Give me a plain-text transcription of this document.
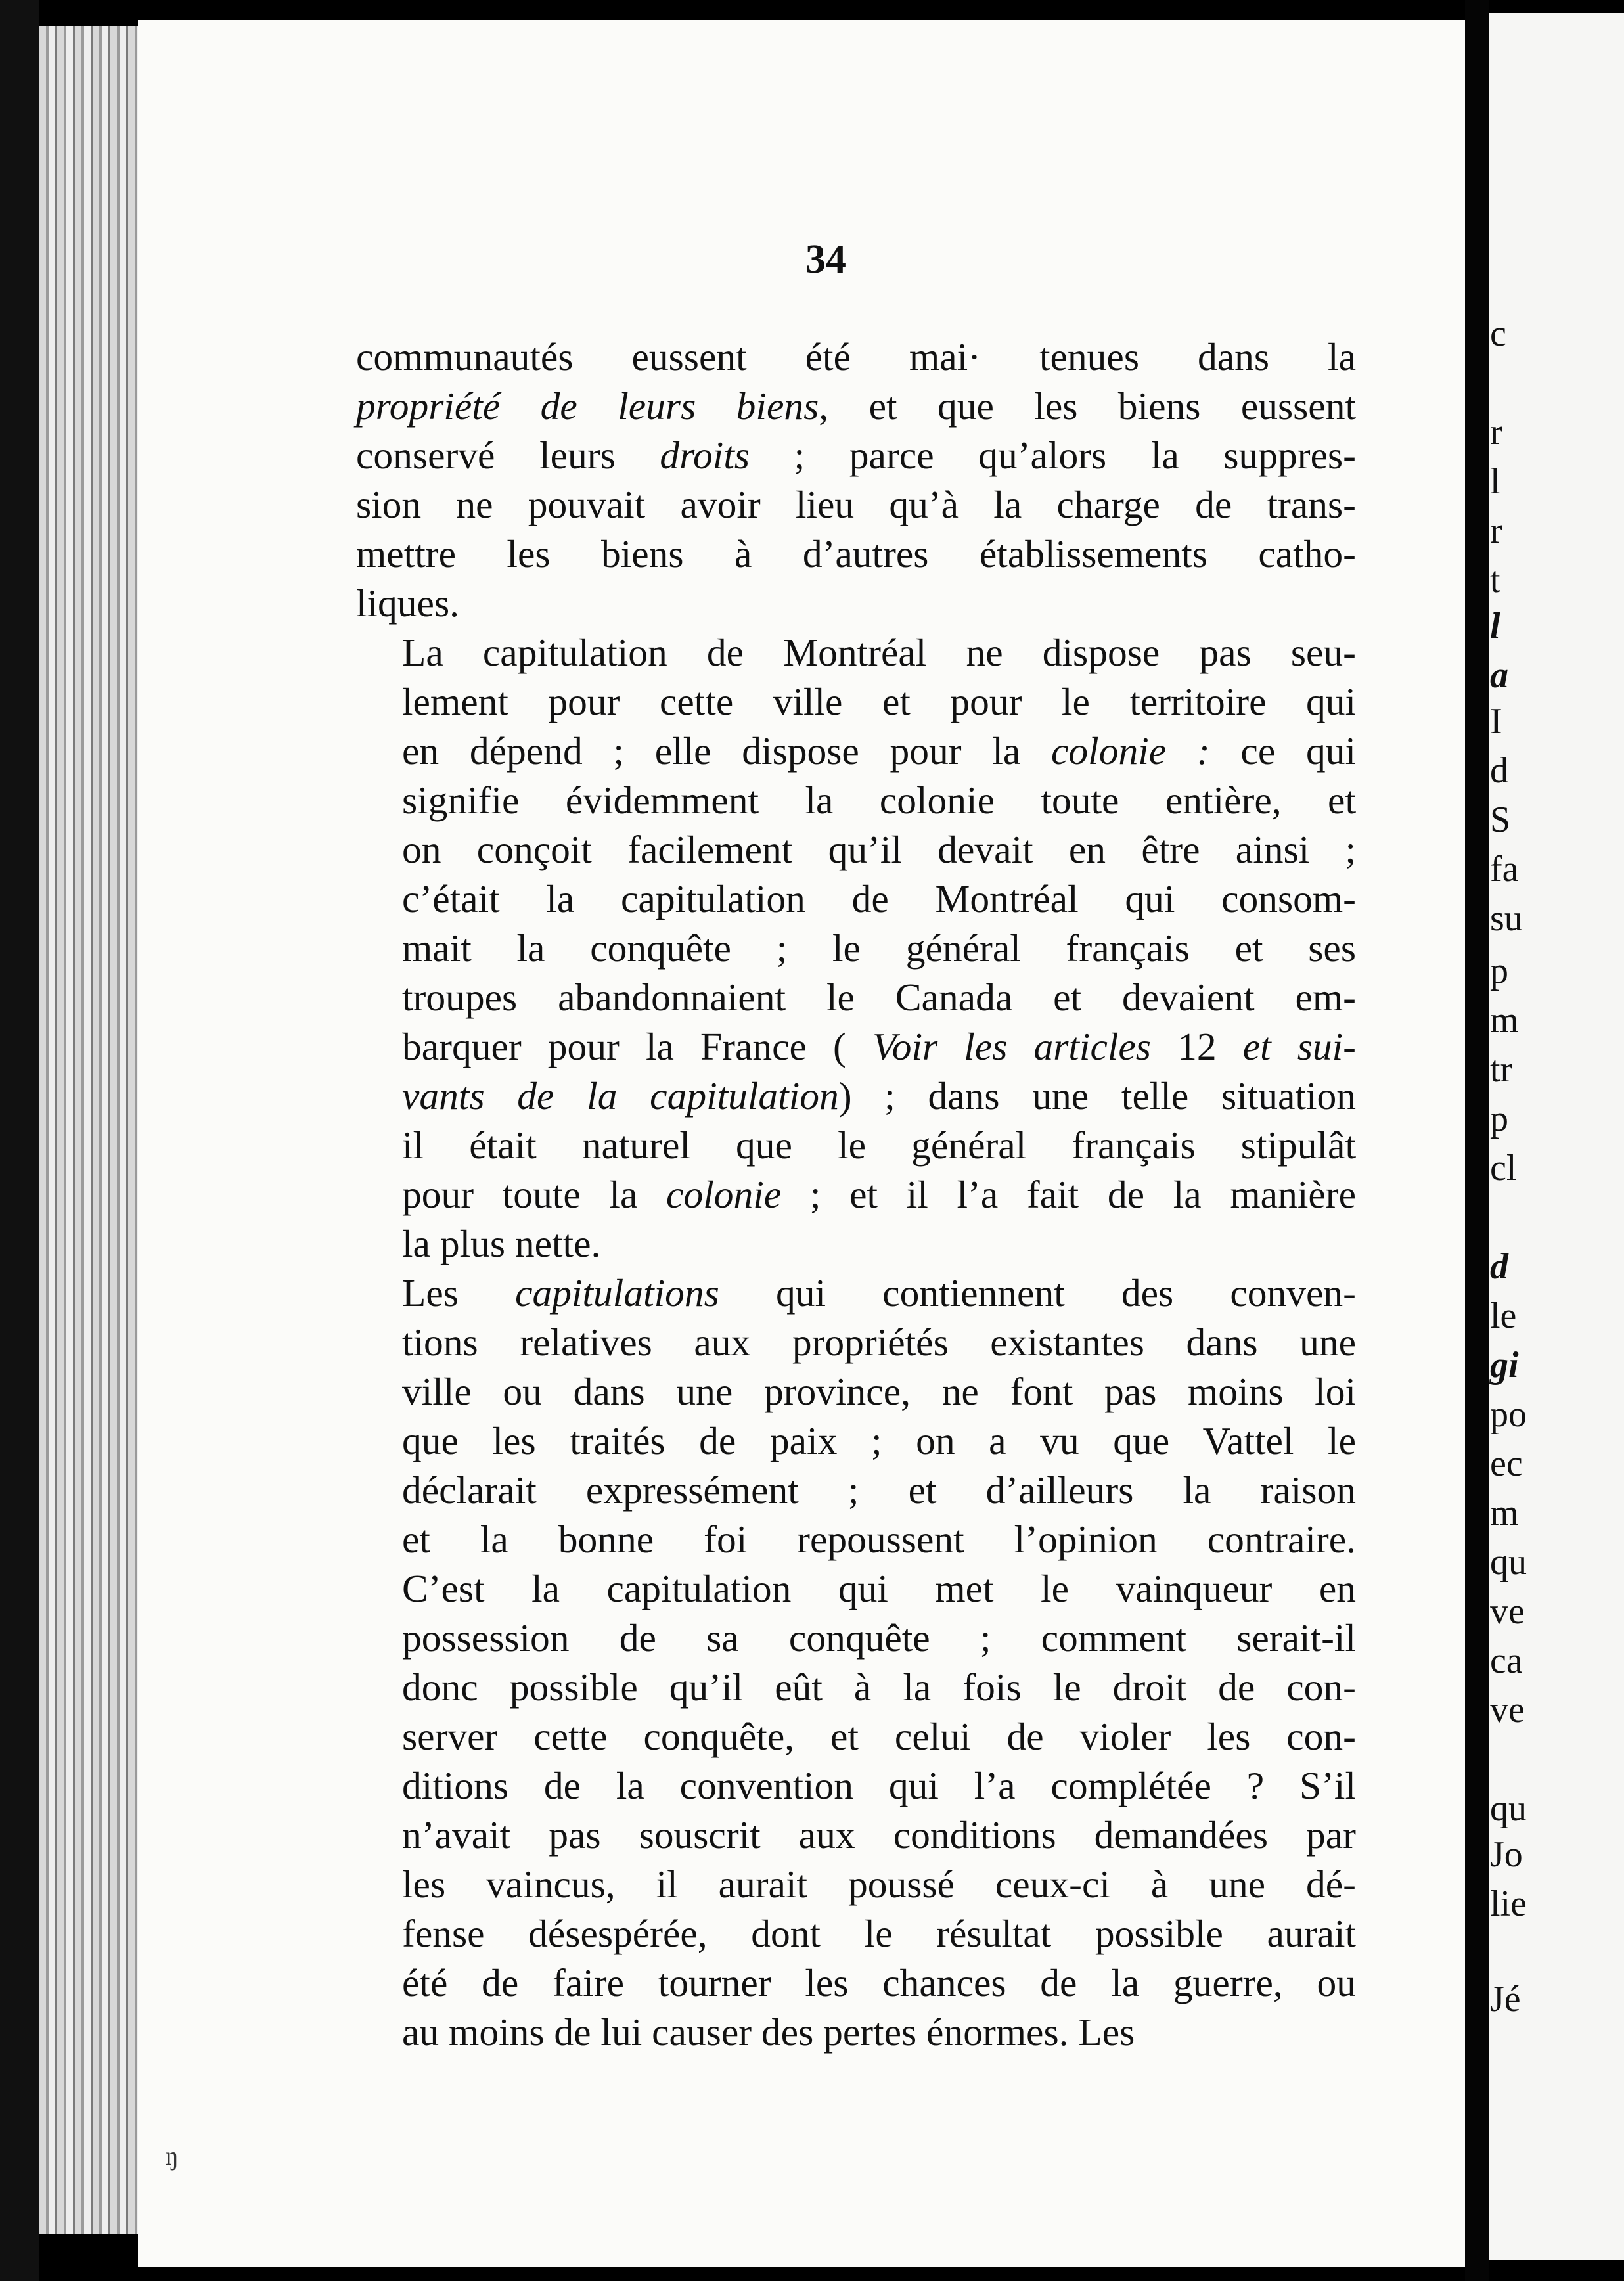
c
r
l
r
t
l
a
I
d
S
fa
su
p
m
tr
p
cl
d
le
gi
po
ec
m
qu
ve
ca
ve
qu
Jo
lie
Jé
34
communautés eussent été mai· tenues dans la
propriété de leurs biens, et que les biens eussent
conservé leurs droits ; parce qu’alors la suppres-
sion ne pouvait avoir lieu qu’à la charge de trans-
mettre les biens à d’autres établissements catho-
liques.
La capitulation de Montréal ne dispose pas seu-
lement pour cette ville et pour le territoire qui
en dépend ; elle dispose pour la colonie : ce qui
signifie évidemment la colonie toute entière, et
on conçoit facilement qu’il devait en être ainsi ;
c’était la capitulation de Montréal qui consom-
mait la conquête ; le général français et ses
troupes abandonnaient le Canada et devaient em-
barquer pour la France ( Voir les articles 12 et sui-
vants de la capitulation) ; dans une telle situation
il était naturel que le général français stipulât
pour toute la colonie ; et il l’a fait de la manière
la plus nette.
Les capitulations qui contiennent des conven-
tions relatives aux propriétés existantes dans une
ville ou dans une province, ne font pas moins loi
que les traités de paix ; on a vu que Vattel le
déclarait expressément ; et d’ailleurs la raison
et la bonne foi repoussent l’opinion contraire.
C’est la capitulation qui met le vainqueur en
possession de sa conquête ; comment serait-il
donc possible qu’il eût à la fois le droit de con-
server cette conquête, et celui de violer les con-
ditions de la convention qui l’a complétée ? S’il
n’avait pas souscrit aux conditions demandées par
les vaincus, il aurait poussé ceux-ci à une dé-
fense désespérée, dont le résultat possible aurait
été de faire tourner les chances de la guerre, ou
au moins de lui causer des pertes énormes. Les
ŋ
